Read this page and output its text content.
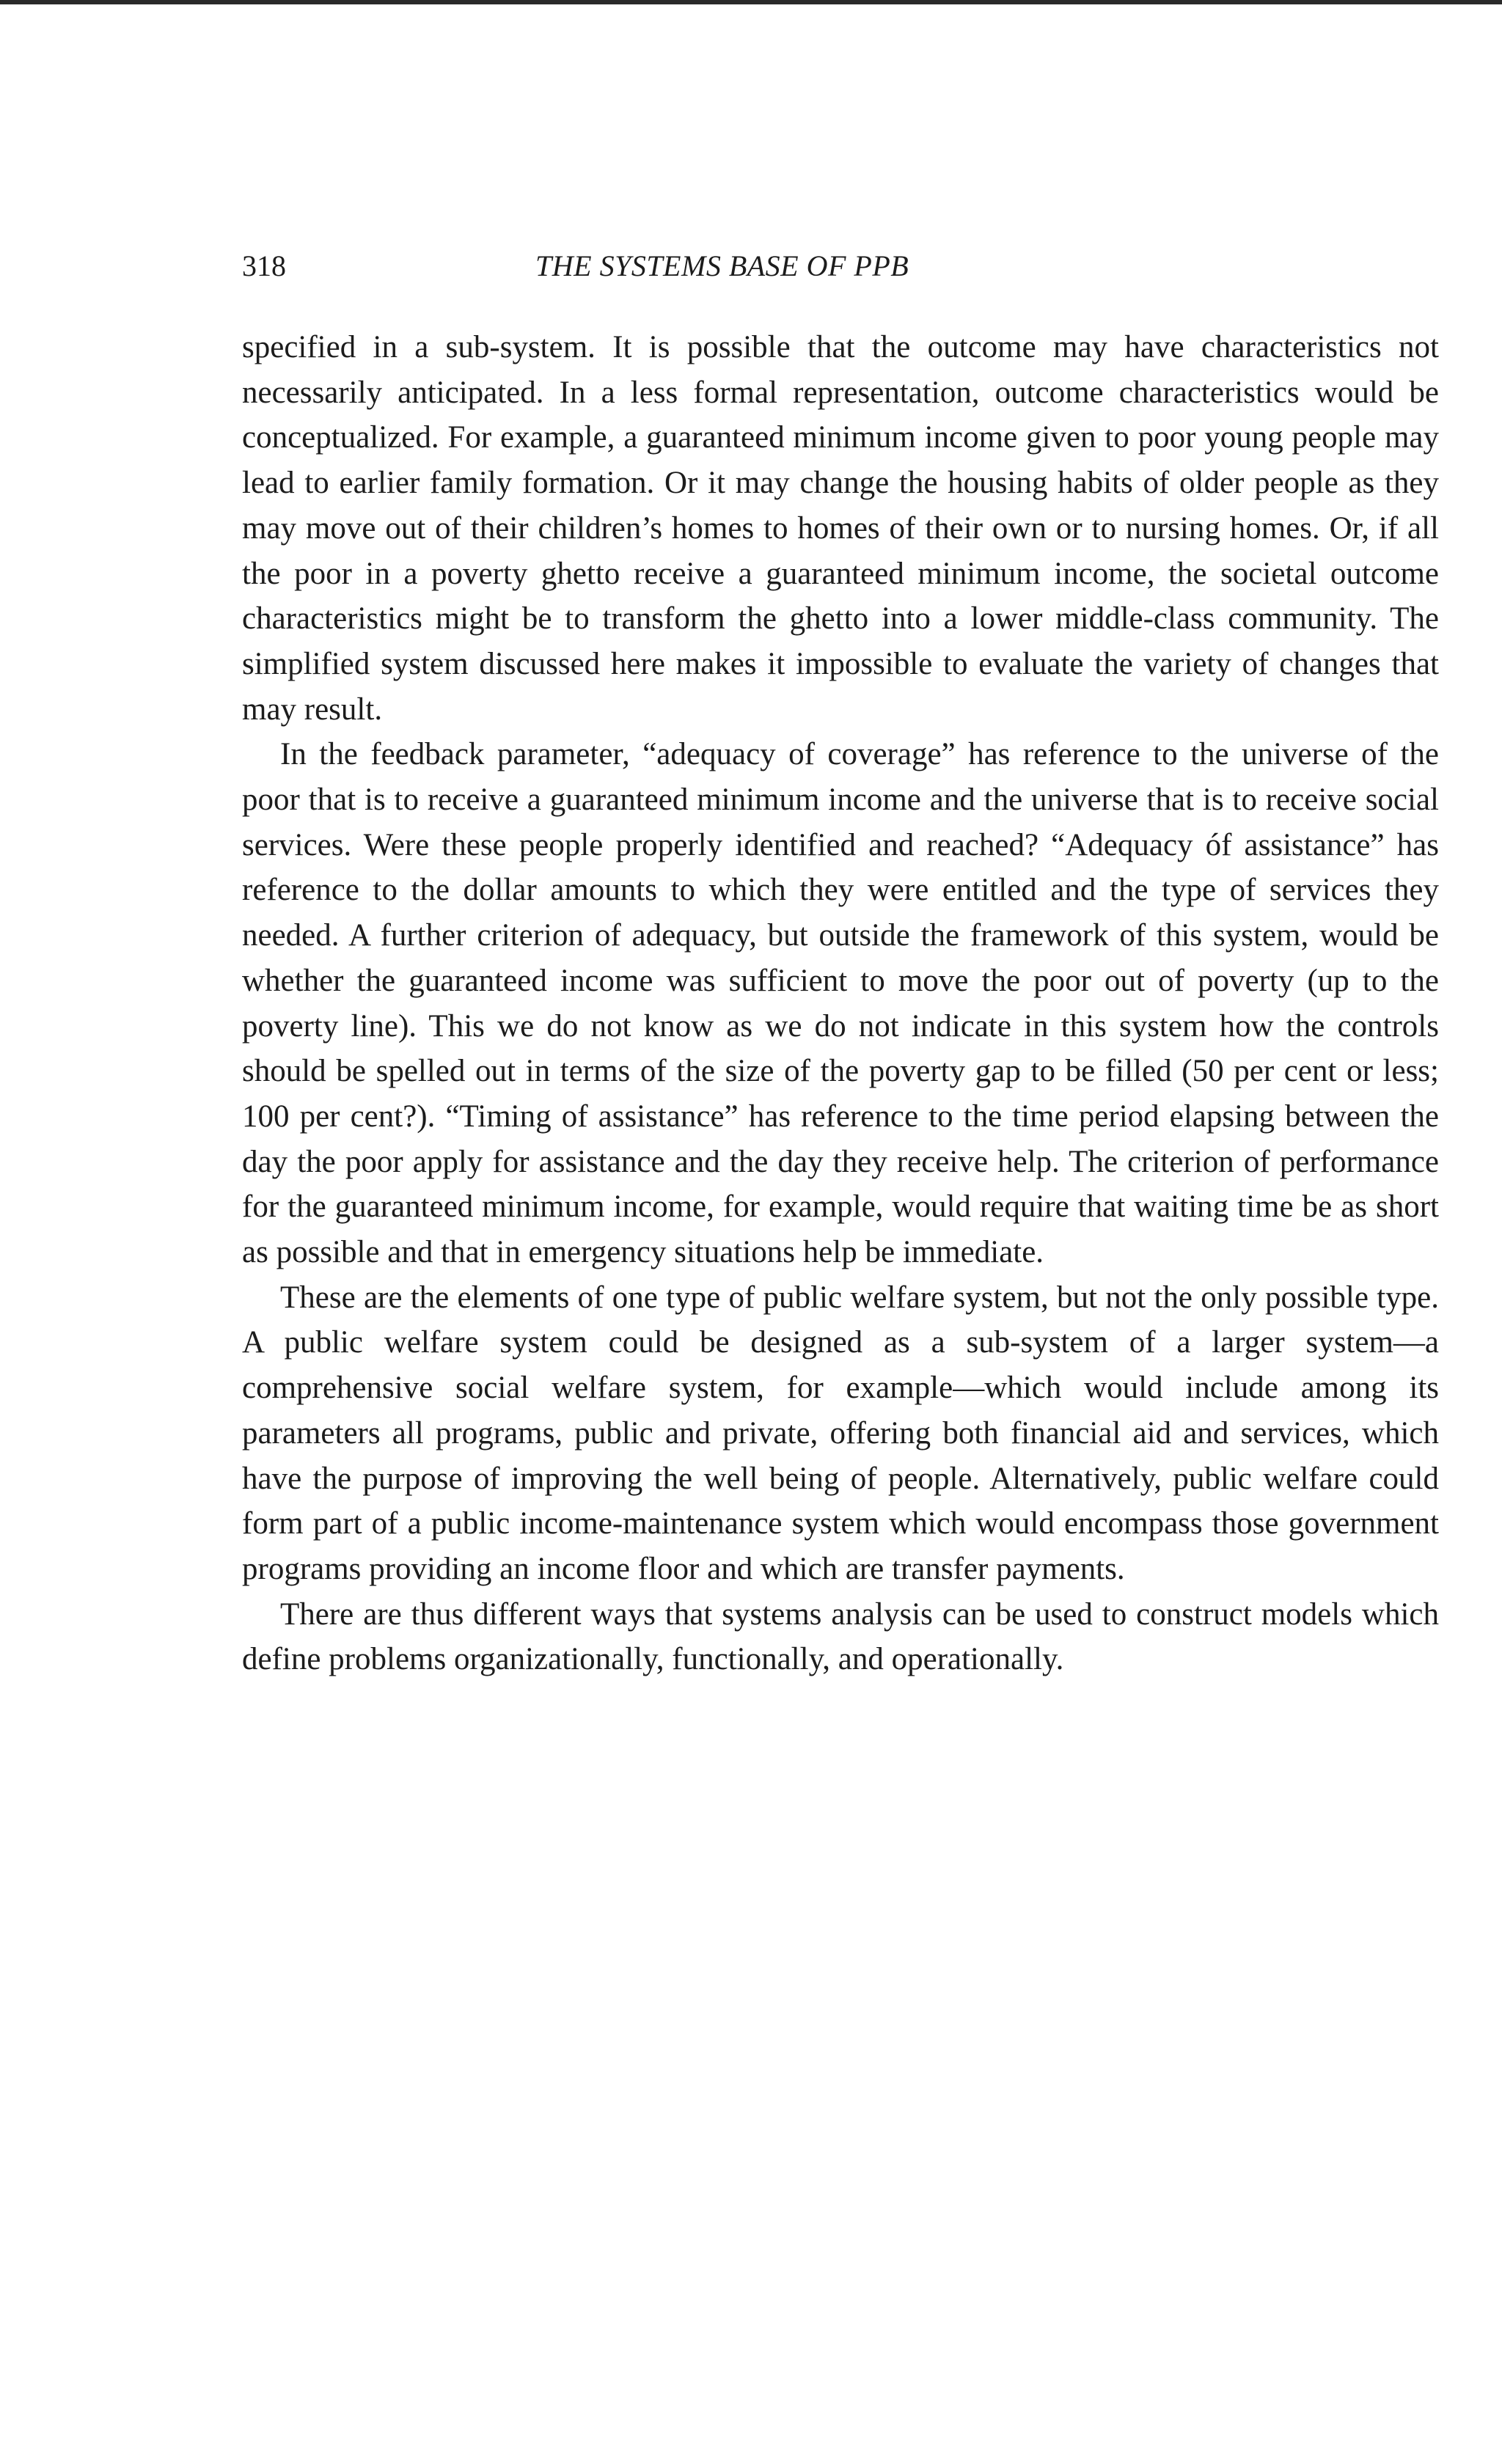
318	THE SYSTEMS BASE OF PPB

specified in a sub-system. It is possible that the outcome may have characteristics not necessarily anticipated. In a less formal representation, outcome characteristics would be conceptualized. For example, a guaranteed minimum income given to poor young people may lead to earlier family formation. Or it may change the housing habits of older people as they may move out of their children’s homes to homes of their own or to nursing homes. Or, if all the poor in a poverty ghetto receive a guaranteed minimum income, the societal outcome characteristics might be to transform the ghetto into a lower middle-class community. The simplified system discussed here makes it impossible to evaluate the variety of changes that may result.

In the feedback parameter, “adequacy of coverage” has reference to the universe of the poor that is to receive a guaranteed minimum income and the universe that is to receive social services. Were these people properly identified and reached? “Adequacy óf assistance” has reference to the dollar amounts to which they were entitled and the type of services they needed. A further criterion of adequacy, but outside the framework of this system, would be whether the guaranteed income was sufficient to move the poor out of poverty (up to the poverty line). This we do not know as we do not indicate in this system how the controls should be spelled out in terms of the size of the poverty gap to be filled (50 per cent or less; 100 per cent?). “Timing of assistance” has reference to the time period elapsing between the day the poor apply for assistance and the day they receive help. The criterion of performance for the guaranteed minimum income, for example, would require that waiting time be as short as possible and that in emergency situations help be immediate.

These are the elements of one type of public welfare system, but not the only possible type. A public welfare system could be designed as a sub-system of a larger system—a comprehensive social welfare system, for example—which would include among its parameters all programs, public and private, offering both financial aid and services, which have the purpose of improving the well being of people. Alternatively, public welfare could form part of a public income-maintenance system which would encompass those government programs providing an income floor and which are transfer payments.

There are thus different ways that systems analysis can be used to construct models which define problems organizationally, functionally, and operationally.
